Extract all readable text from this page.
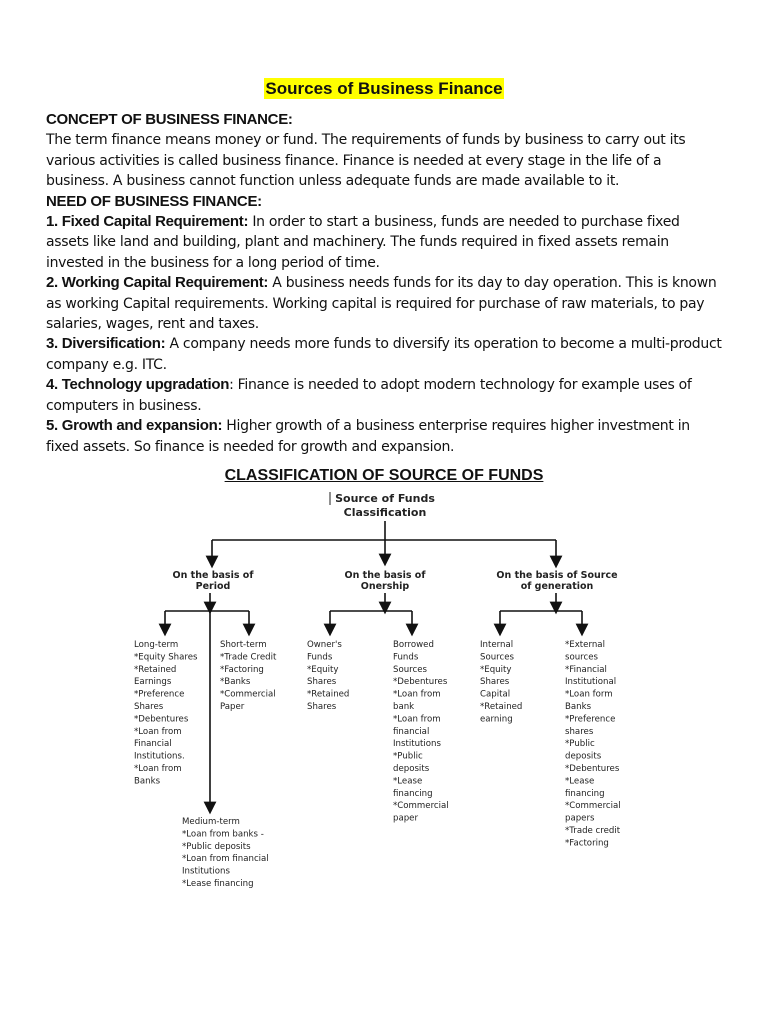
Sources of Business Finance

CONCEPT OF BUSINESS FINANCE:

The term finance means money or fund. The requirements of funds by business to carry out its various activities is called business finance. Finance is needed at every stage in the life of a business. A business cannot function unless adequate funds are made available to it.

NEED OF BUSINESS FINANCE:

1. Fixed Capital Requirement: In order to start a business, funds are needed to purchase fixed assets like land and building, plant and machinery. The funds required in fixed assets remain invested in the business for a long period of time.

2. Working Capital Requirement: A business needs funds for its day to day operation. This is known as working Capital requirements. Working capital is required for purchase of raw materials, to pay salaries, wages, rent and taxes.

3. Diversification: A company needs more funds to diversify its operation to become a multi-product company e.g. ITC.

4. Technology upgradation: Finance is needed to adopt modern technology for example uses of computers in business.

5. Growth and expansion: Higher growth of a business enterprise requires higher investment in fixed assets. So finance is needed for growth and expansion.

CLASSIFICATION OF SOURCE OF FUNDS
Source of Funds
Classification
On the basis of
Period
On the basis of
Onership
On the basis of Source
of generation
Long-term
*Equity Shares
*Retained
Earnings
*Preference
Shares
*Debentures
*Loan from
Financial
Institutions.
*Loan from
Banks
Short-term
*Trade Credit
*Factoring
*Banks
*Commercial
Paper
Medium-term
*Loan from banks -
*Public deposits
*Loan from financial
Institutions
*Lease financing
Owner's
Funds
*Equity
Shares
*Retained
Shares
Borrowed
Funds
Sources
*Debentures
*Loan from
bank
*Loan from
financial
Institutions
*Public
deposits
*Lease
financing
*Commercial
paper
Internal
Sources
*Equity
Shares
Capital
*Retained
earning
*External
sources
*Financial
Institutional
*Loan form
Banks
*Preference
shares
*Public
deposits
*Debentures
*Lease
financing
*Commercial
papers
*Trade credit
*Factoring
